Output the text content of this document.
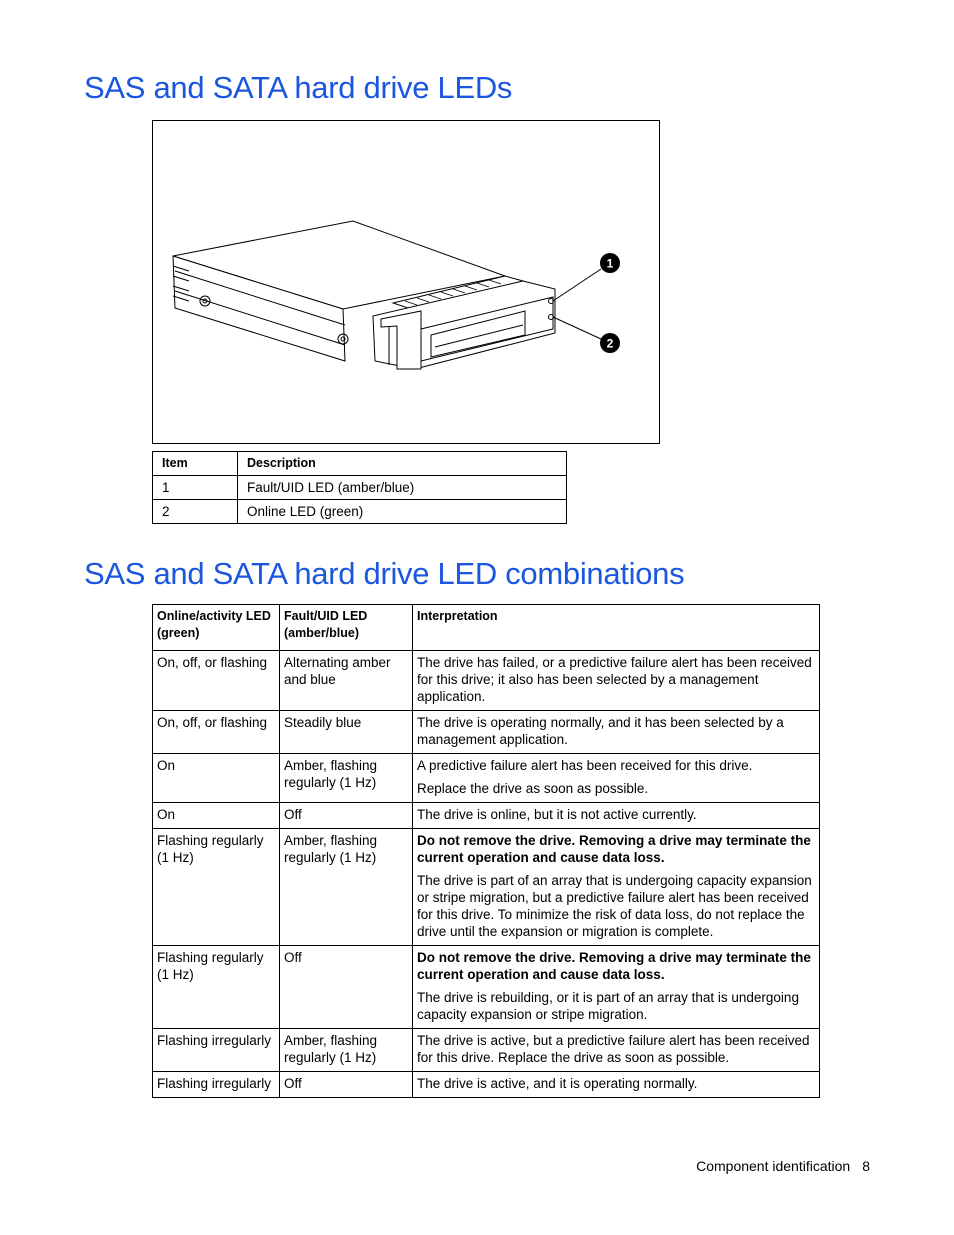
SAS and SATA hard drive LEDs
1
2
Item	Description
1	Fault/UID LED (amber/blue)
2	Online LED (green)
SAS and SATA hard drive LED combinations
Online/activity LED (green)	Fault/UID LED (amber/blue)	Interpretation
On, off, or flashing	Alternating amber and blue	The drive has failed, or a predictive failure alert has been received for this drive; it also has been selected by a management application.

On, off, or flashing	Steadily blue	The drive is operating normally, and it has been selected by a management application.

On	Amber, flashing regularly (1 Hz)	A predictive failure alert has been received for this drive.

Replace the drive as soon as possible.

On	Off	The drive is online, but it is not active currently.

Flashing regularly (1 Hz)	Amber, flashing regularly (1 Hz)	Do not remove the drive. Removing a drive may terminate the current operation and cause data loss.

The drive is part of an array that is undergoing capacity expansion or stripe migration, but a predictive failure alert has been received for this drive. To minimize the risk of data loss, do not replace the drive until the expansion or migration is complete.

Flashing regularly (1 Hz)	Off	Do not remove the drive. Removing a drive may terminate the current operation and cause data loss.

The drive is rebuilding, or it is part of an array that is undergoing capacity expansion or stripe migration.

Flashing irregularly	Amber, flashing regularly (1 Hz)	The drive is active, but a predictive failure alert has been received for this drive. Replace the drive as soon as possible.

Flashing irregularly	Off	The drive is active, and it is operating normally.

Component identification 8
